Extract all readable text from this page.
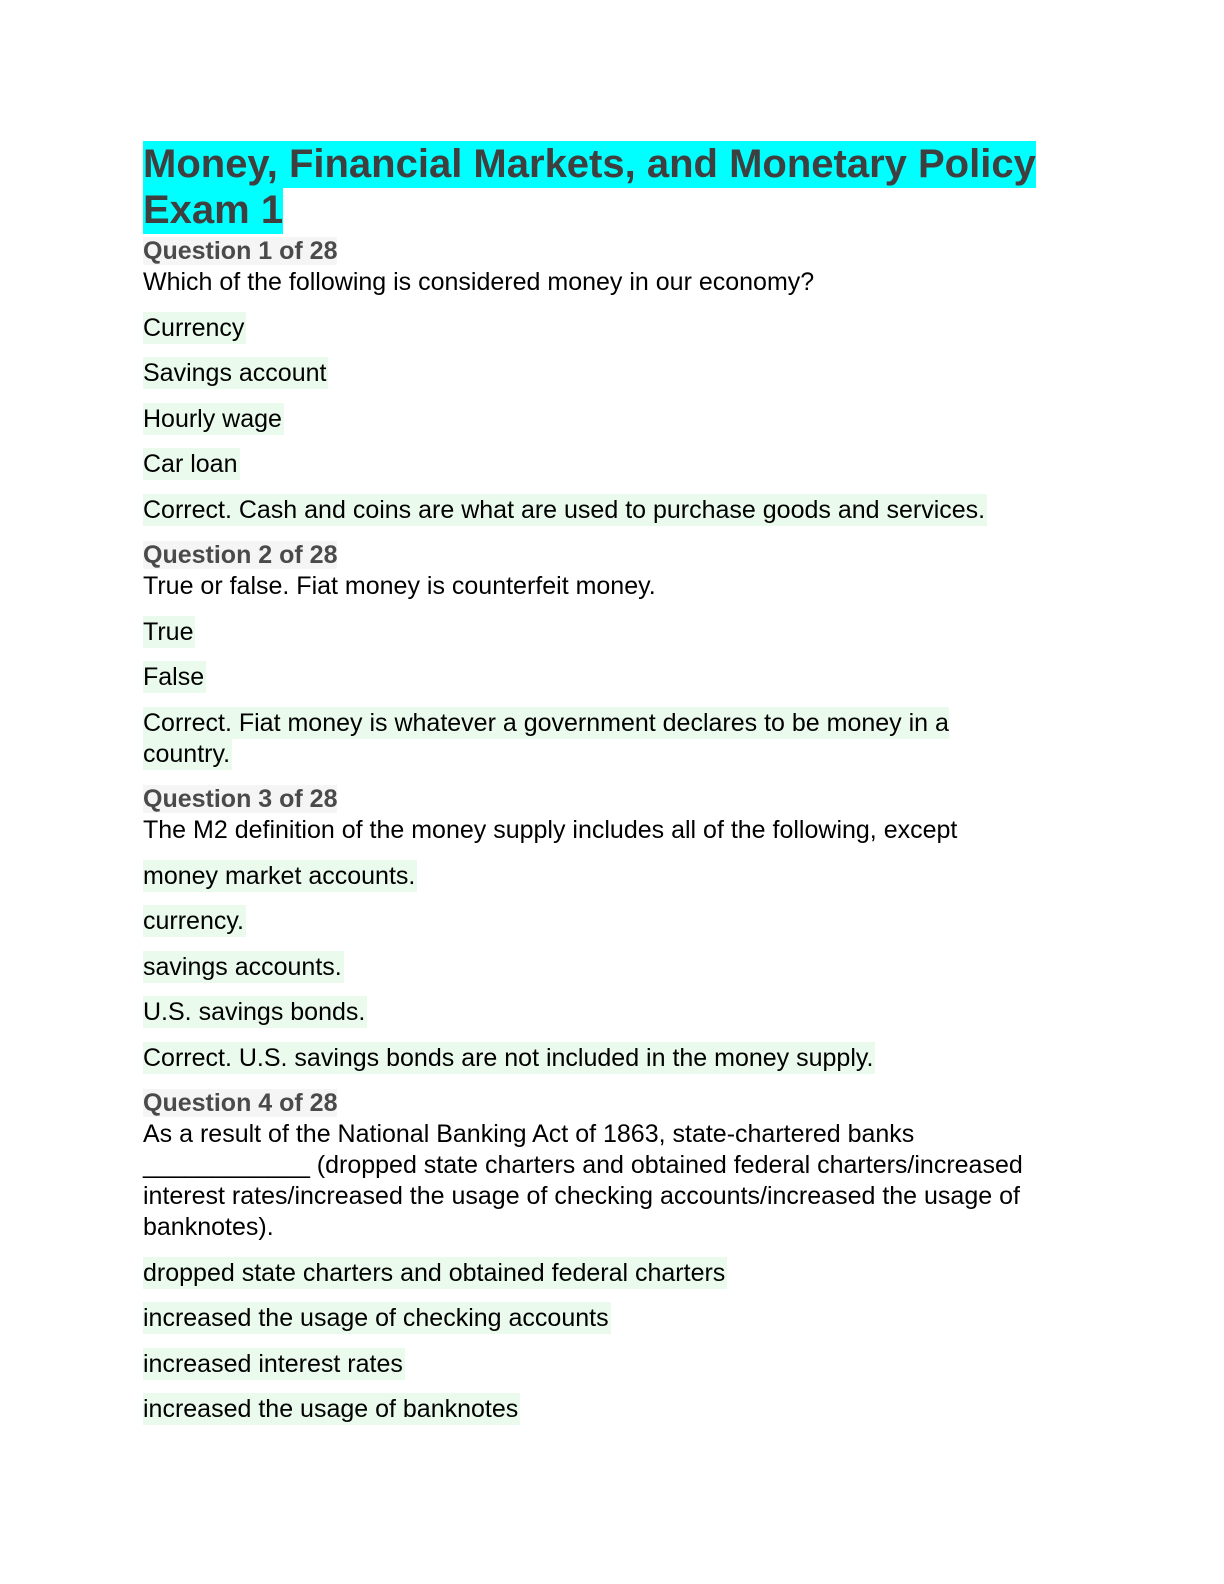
Money, Financial Markets, and Monetary Policy Exam 1
Question 1 of 28
Which of the following is considered money in our economy?
Currency
Savings account
Hourly wage
Car loan
Correct. Cash and coins are what are used to purchase goods and services.
Question 2 of 28
True or false. Fiat money is counterfeit money.
True
False
Correct. Fiat money is whatever a government declares to be money in a country.
Question 3 of 28
The M2 definition of the money supply includes all of the following, except
money market accounts.
currency.
savings accounts.
U.S. savings bonds.
Correct. U.S. savings bonds are not included in the money supply.
Question 4 of 28
As a result of the National Banking Act of 1863, state-chartered banks ____________ (dropped state charters and obtained federal charters/increased interest rates/increased the usage of checking accounts/increased the usage of banknotes).
dropped state charters and obtained federal charters
increased the usage of checking accounts
increased interest rates
increased the usage of banknotes
